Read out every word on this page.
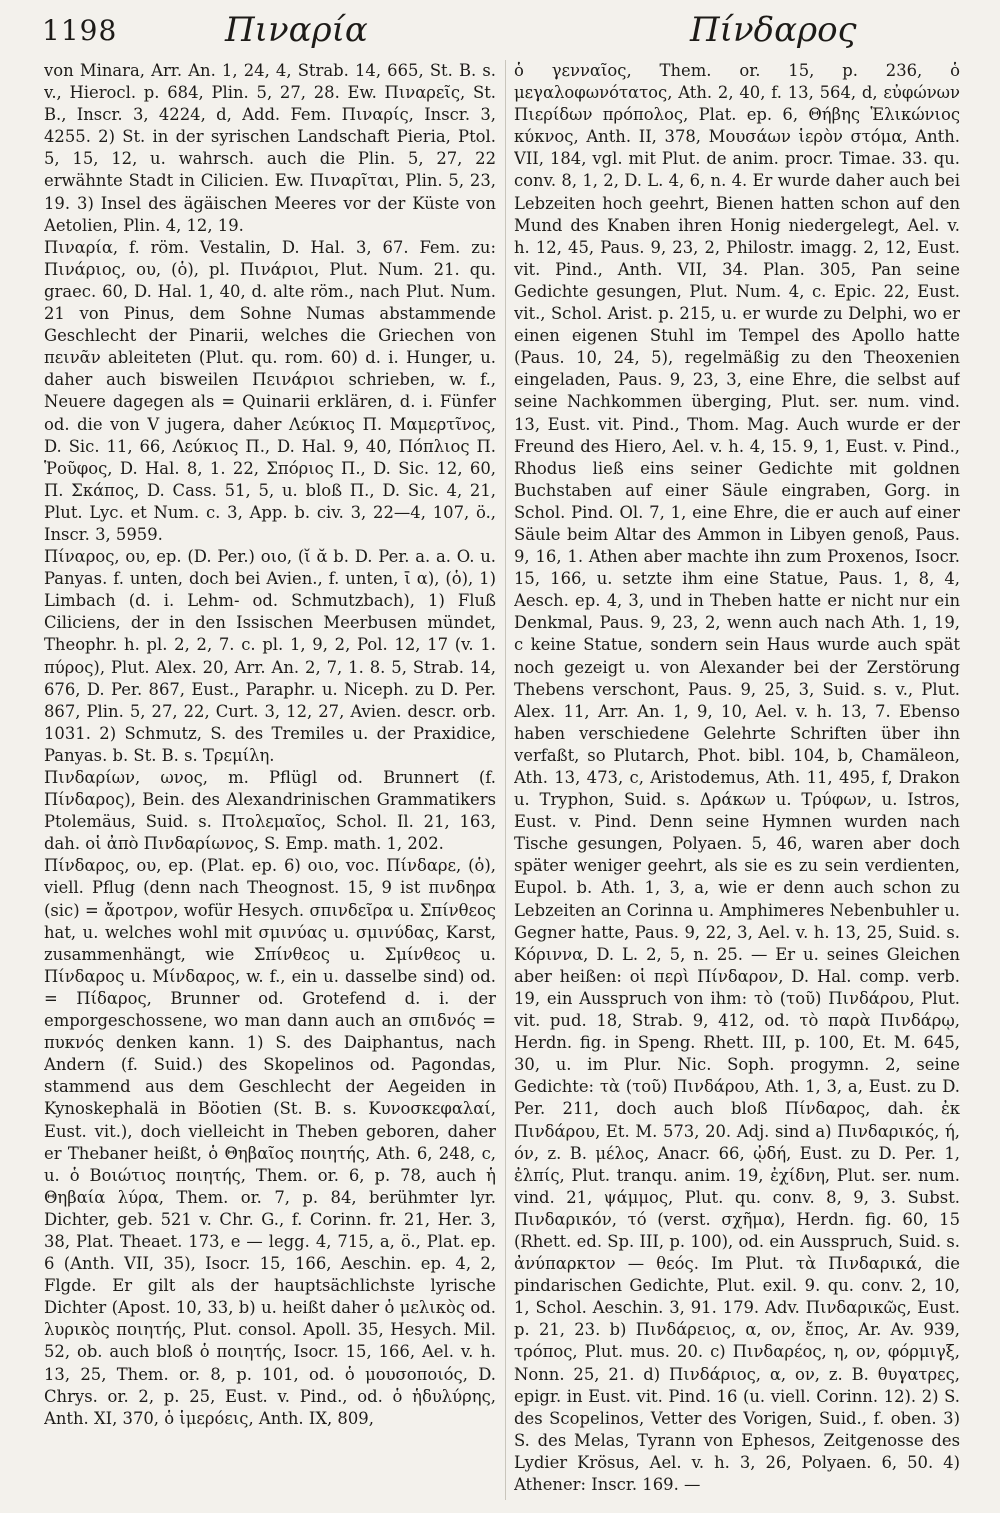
1198	Πιναρία	Πίνδαρος

von Minara, Arr. An. 1, 24, 4, Strab. 14, 665, St. B. s. v., Hierocl. p. 684, Plin. 5, 27, 28. Ew. Πιναρεῖς, St. B., Inscr. 3, 4224, d, Add. Fem. Πιναρίς, Inscr. 3, 4255. 2) St. in der syrischen Landschaft Pieria, Ptol. 5, 15, 12, u. wahrsch. auch die Plin. 5, 27, 22 erwähnte Stadt in Cilicien. Ew. Πιναρῖται, Plin. 5, 23, 19. 3) Insel des ägäischen Meeres vor der Küste von Aetolien, Plin. 4, 12, 19.

Πιναρία, f. röm. Vestalin, D. Hal. 3, 67. Fem. zu: Πινάριος, ου, (ὁ), pl. Πινάριοι, Plut. Num. 21. qu. graec. 60, D. Hal. 1, 40, d. alte röm., nach Plut. Num. 21 von Pinus, dem Sohne Numas abstammende Geschlecht der Pinarii, welches die Griechen von πεινᾶν ableiteten (Plut. qu. rom. 60) d. i. Hunger, u. daher auch bisweilen Πεινάριοι schrieben, w. f., Neuere dagegen als = Quinarii erklären, d. i. Fünfer od. die von V jugera, daher Λεύκιος Π. Μαμερτῖνος, D. Sic. 11, 66, Λεύκιος Π., D. Hal. 9, 40, Πόπλιος Π. Ῥοῦφος, D. Hal. 8, 1. 22, Σπόριος Π., D. Sic. 12, 60, Π. Σκάπος, D. Cass. 51, 5, u. bloß Π., D. Sic. 4, 21, Plut. Lyc. et Num. c. 3, App. b. civ. 3, 22—4, 107, ö., Inscr. 3, 5959.

Πίναρος, ου, ep. (D. Per.) οιο, (ῐ ᾰ b. D. Per. a. a. O. u. Panyas. f. unten, doch bei Avien., f. unten, ῑ α), (ὁ), 1) Limbach (d. i. Lehm- od. Schmutzbach), 1) Fluß Ciliciens, der in den Issischen Meerbusen mündet, Theophr. h. pl. 2, 2, 7. c. pl. 1, 9, 2, Pol. 12, 17 (v. 1. πύρος), Plut. Alex. 20, Arr. An. 2, 7, 1. 8. 5, Strab. 14, 676, D. Per. 867, Eust., Paraphr. u. Niceph. zu D. Per. 867, Plin. 5, 27, 22, Curt. 3, 12, 27, Avien. descr. orb. 1031. 2) Schmutz, S. des Tremiles u. der Praxidice, Panyas. b. St. B. s. Τρεμίλη.

Πινδαρίων, ωνος, m. Pflügl od. Brunnert (f. Πίνδαρος), Bein. des Alexandrinischen Grammatikers Ptolemäus, Suid. s. Πτολεμαῖος, Schol. Il. 21, 163, dah. οἱ ἀπὸ Πινδαρίωνος, S. Emp. math. 1, 202.

Πίνδαρος, ου, ep. (Plat. ep. 6) οιο, voc. Πίνδαρε, (ὁ), viell. Pflug (denn nach Theognost. 15, 9 ist πινδηρα (sic) = ἄροτρον, wofür Hesych. σπινδεῖρα u. Σπίνθεος hat, u. welches wohl mit σμινύας u. σμινύδας, Karst, zusammenhängt, wie Σπίνθεος u. Σμίνθεος u. Πίνδαρος u. Μίνδαρος, w. f., ein u. dasselbe sind) od. = Πίδαρος, Brunner od. Grotefend d. i. der emporgeschossene, wo man dann auch an σπιδνός = πυκνός denken kann. 1) S. des Daiphantus, nach Andern (f. Suid.) des Skopelinos od. Pagondas, stammend aus dem Geschlecht der Aegeiden in Kynoskephalä in Böotien (St. B. s. Κυνοσκεφαλαί, Eust. vit.), doch vielleicht in Theben geboren, daher er Thebaner heißt, ὁ Θηβαῖος ποιητής, Ath. 6, 248, c, u. ὁ Βοιώτιος ποιητής, Them. or. 6, p. 78, auch ἡ Θηβαία λύρα, Them. or. 7, p. 84, berühmter lyr. Dichter, geb. 521 v. Chr. G., f. Corinn. fr. 21, Her. 3, 38, Plat. Theaet. 173, e — legg. 4, 715, a, ö., Plat. ep. 6 (Anth. VII, 35), Isocr. 15, 166, Aeschin. ep. 4, 2, Flgde. Er gilt als der hauptsächlichste lyrische Dichter (Apost. 10, 33, b) u. heißt daher ὁ μελικὸς od. λυρικὸς ποιητής, Plut. consol. Apoll. 35, Hesych. Mil. 52, ob. auch bloß ὁ ποιητής, Isocr. 15, 166, Ael. v. h. 13, 25, Them. or. 8, p. 101, od. ὁ μουσοποιός, D. Chrys. or. 2, p. 25, Eust. v. Pind., od. ὁ ἡδυλύρης, Anth. XI, 370, ὁ ἱμερόεις, Anth. IX, 809,

ὁ γενναῖος, Them. or. 15, p. 236, ὁ μεγαλοφωνότατος, Ath. 2, 40, f. 13, 564, d, εὐφώνων Πιερίδων πρόπολος, Plat. ep. 6, Θήβης Ἑλικώνιος κύκνος, Anth. II, 378, Μουσάων ἱερὸν στόμα, Anth. VII, 184, vgl. mit Plut. de anim. procr. Timae. 33. qu. conv. 8, 1, 2, D. L. 4, 6, n. 4. Er wurde daher auch bei Lebzeiten hoch geehrt, Bienen hatten schon auf den Mund des Knaben ihren Honig niedergelegt, Ael. v. h. 12, 45, Paus. 9, 23, 2, Philostr. imagg. 2, 12, Eust. vit. Pind., Anth. VII, 34. Plan. 305, Pan seine Gedichte gesungen, Plut. Num. 4, c. Epic. 22, Eust. vit., Schol. Arist. p. 215, u. er wurde zu Delphi, wo er einen eigenen Stuhl im Tempel des Apollo hatte (Paus. 10, 24, 5), regelmäßig zu den Theoxenien eingeladen, Paus. 9, 23, 3, eine Ehre, die selbst auf seine Nachkommen überging, Plut. ser. num. vind. 13, Eust. vit. Pind., Thom. Mag. Auch wurde er der Freund des Hiero, Ael. v. h. 4, 15. 9, 1, Eust. v. Pind., Rhodus ließ eins seiner Gedichte mit goldnen Buchstaben auf einer Säule eingraben, Gorg. in Schol. Pind. Ol. 7, 1, eine Ehre, die er auch auf einer Säule beim Altar des Ammon in Libyen genoß, Paus. 9, 16, 1. Athen aber machte ihn zum Proxenos, Isocr. 15, 166, u. setzte ihm eine Statue, Paus. 1, 8, 4, Aesch. ep. 4, 3, und in Theben hatte er nicht nur ein Denkmal, Paus. 9, 23, 2, wenn auch nach Ath. 1, 19, c keine Statue, sondern sein Haus wurde auch spät noch gezeigt u. von Alexander bei der Zerstörung Thebens verschont, Paus. 9, 25, 3, Suid. s. v., Plut. Alex. 11, Arr. An. 1, 9, 10, Ael. v. h. 13, 7. Ebenso haben verschiedene Gelehrte Schriften über ihn verfaßt, so Plutarch, Phot. bibl. 104, b, Chamäleon, Ath. 13, 473, c, Aristodemus, Ath. 11, 495, f, Drakon u. Tryphon, Suid. s. Δράκων u. Τρύφων, u. Istros, Eust. v. Pind. Denn seine Hymnen wurden nach Tische gesungen, Polyaen. 5, 46, waren aber doch später weniger geehrt, als sie es zu sein verdienten, Eupol. b. Ath. 1, 3, a, wie er denn auch schon zu Lebzeiten an Corinna u. Amphimeres Nebenbuhler u. Gegner hatte, Paus. 9, 22, 3, Ael. v. h. 13, 25, Suid. s. Κόριννα, D. L. 2, 5, n. 25. — Er u. seines Gleichen aber heißen: οἱ περὶ Πίνδαρον, D. Hal. comp. verb. 19, ein Ausspruch von ihm: τὸ (τοῦ) Πινδάρου, Plut. vit. pud. 18, Strab. 9, 412, od. τὸ παρὰ Πινδάρῳ, Herdn. fig. in Speng. Rhett. III, p. 100, Et. M. 645, 30, u. im Plur. Nic. Soph. progymn. 2, seine Gedichte: τὰ (τοῦ) Πινδάρου, Ath. 1, 3, a, Eust. zu D. Per. 211, doch auch bloß Πίνδαρος, dah. ἐκ Πινδάρου, Et. M. 573, 20. Adj. sind a) Πινδαρικός, ή, όν, z. B. μέλος, Anacr. 66, ᾠδή, Eust. zu D. Per. 1, ἐλπίς, Plut. tranqu. anim. 19, ἐχίδνη, Plut. ser. num. vind. 21, ψάμμος, Plut. qu. conv. 8, 9, 3. Subst. Πινδαρικόν, τό (verst. σχῆμα), Herdn. fig. 60, 15 (Rhett. ed. Sp. III, p. 100), od. ein Ausspruch, Suid. s. ἀνύπαρκτον — θεός. Im Plut. τὰ Πινδαρικά, die pindarischen Gedichte, Plut. exil. 9. qu. conv. 2, 10, 1, Schol. Aeschin. 3, 91. 179. Adv. Πινδαρικῶς, Eust. p. 21, 23. b) Πινδάρειος, α, ον, ἔπος, Ar. Av. 939, τρόπος, Plut. mus. 20. c) Πινδαρέος, η, ον, φόρμιγξ, Nonn. 25, 21. d) Πινδάριος, α, ον, z. B. θυγατρες, epigr. in Eust. vit. Pind. 16 (u. viell. Corinn. 12). 2) S. des Scopelinos, Vetter des Vorigen, Suid., f. oben. 3) S. des Melas, Tyrann von Ephesos, Zeitgenosse des Lydier Krösus, Ael. v. h. 3, 26, Polyaen. 6, 50. 4) Athener: Inscr. 169. —
